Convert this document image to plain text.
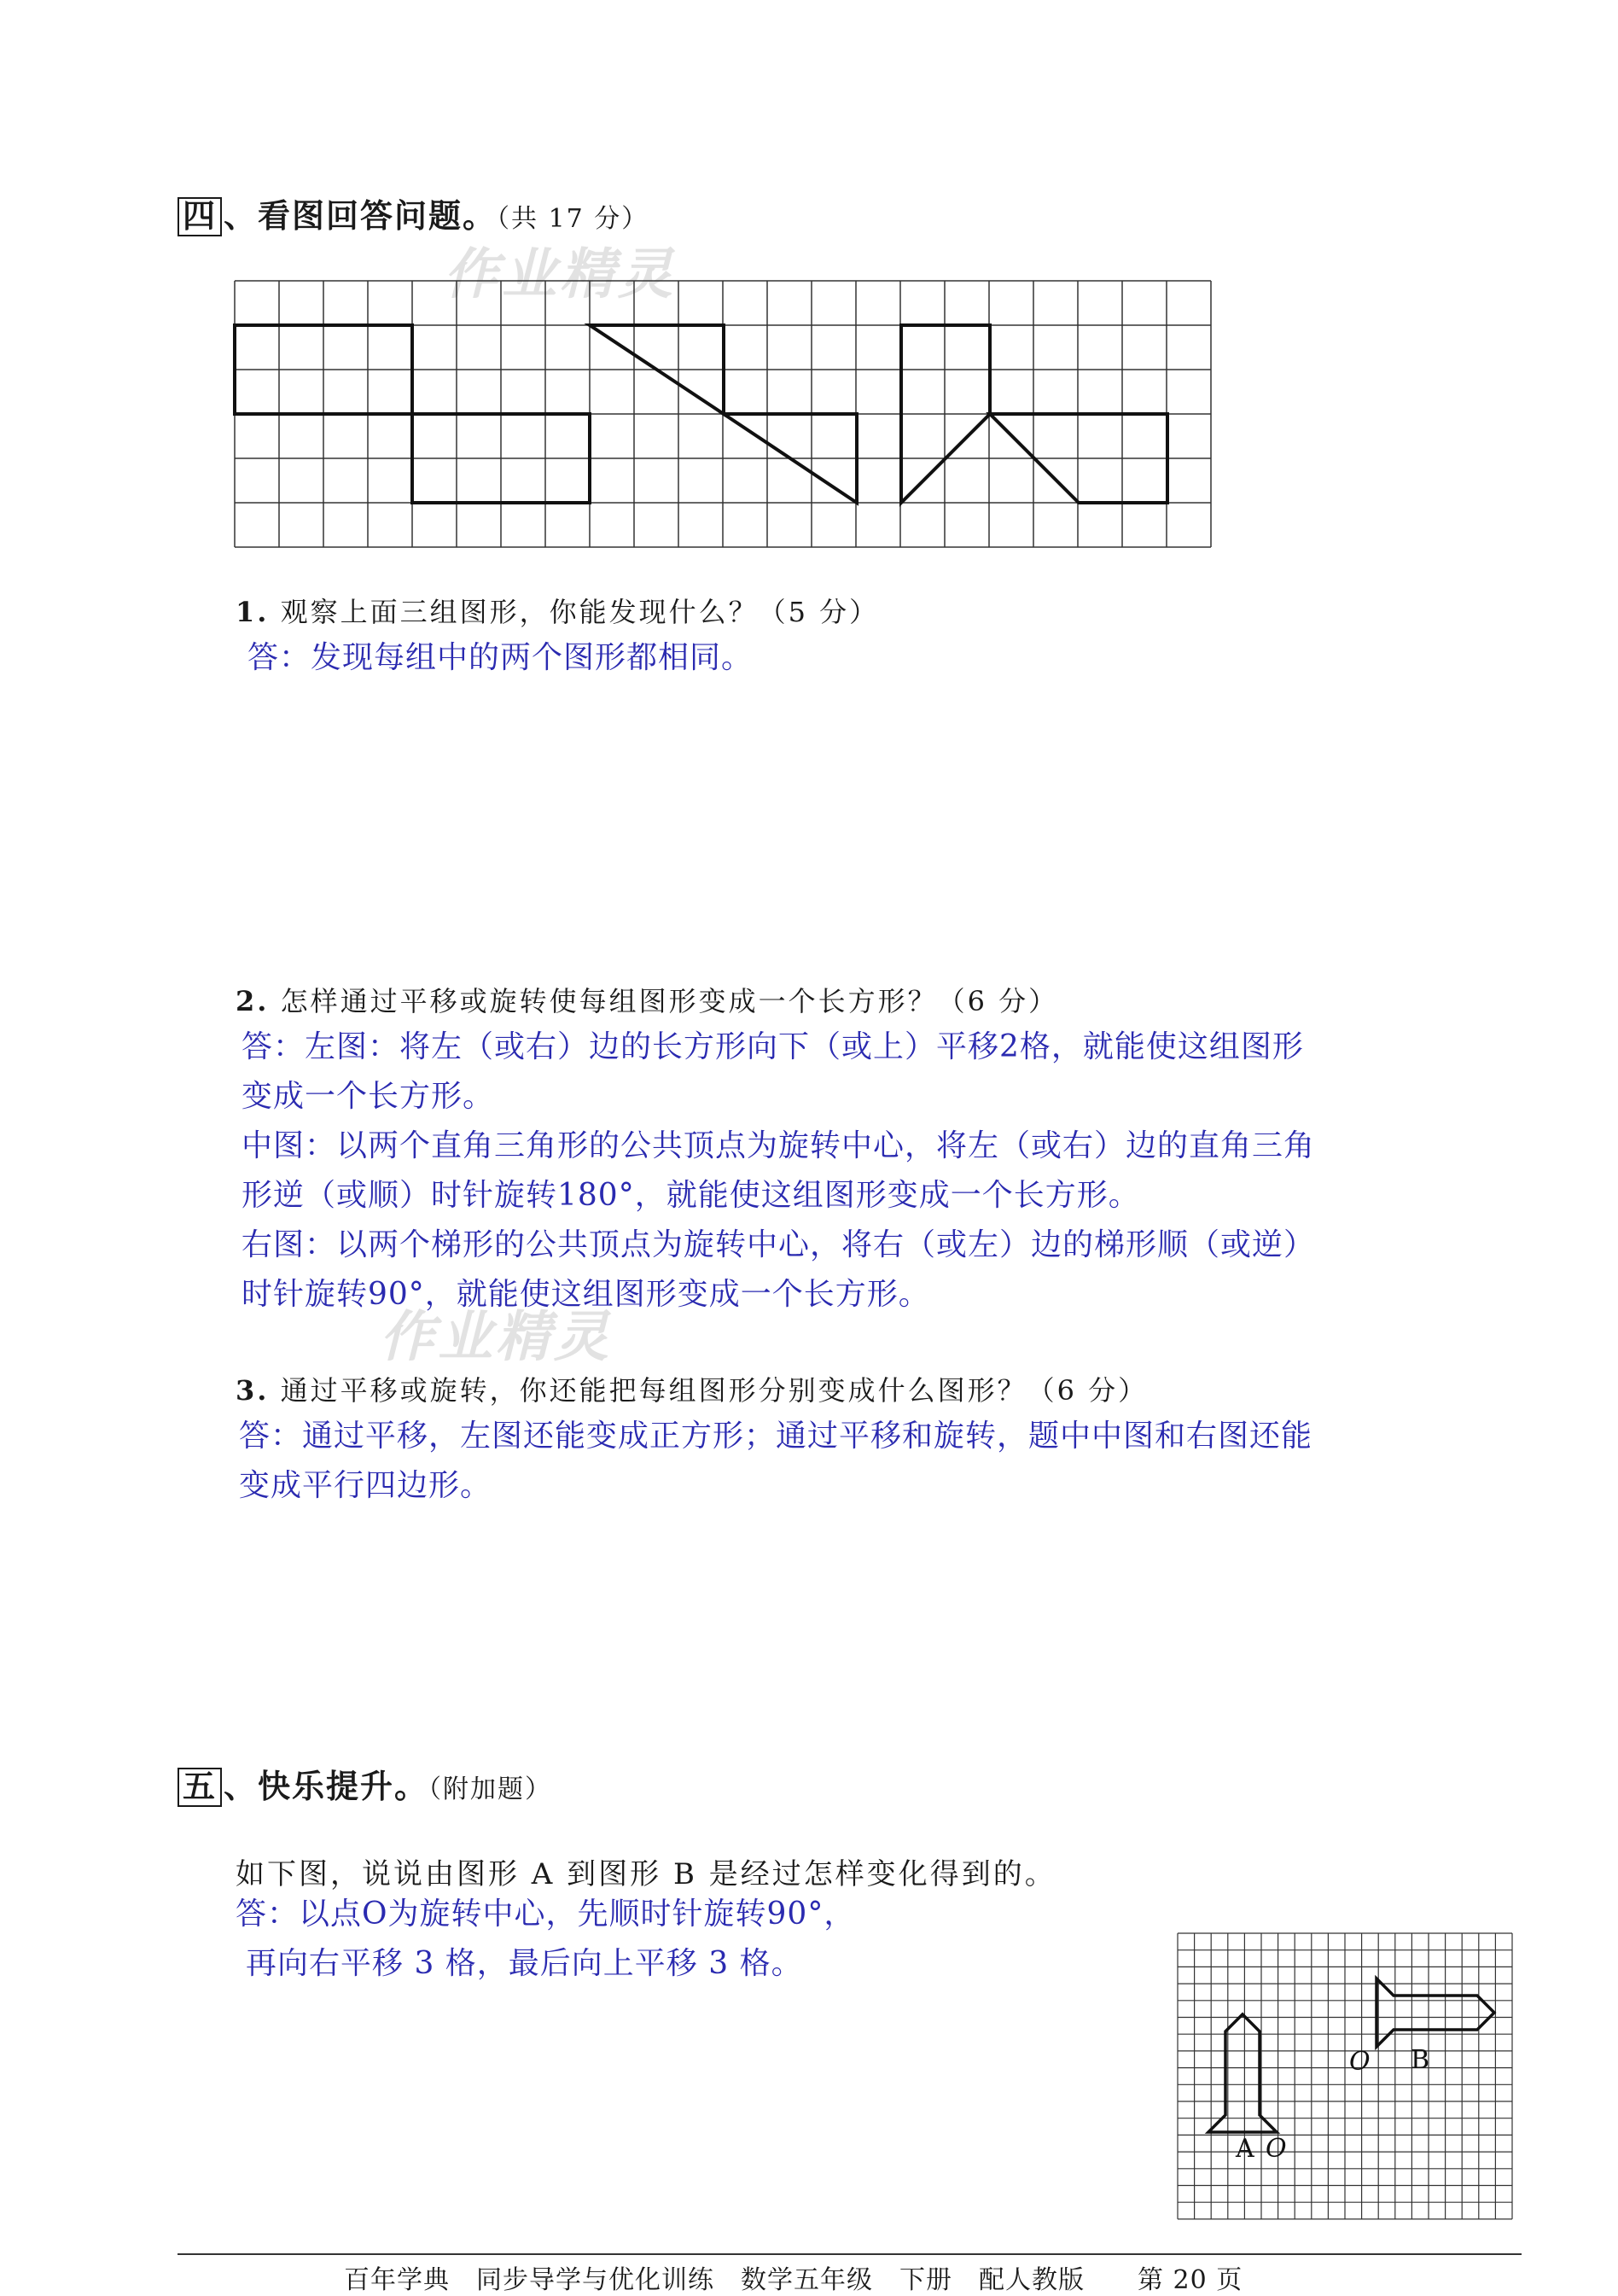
作业精灵
作业精灵
四 、看图回答问题。（共 17 分）
1. 观察上面三组图形，你能发现什么？（5 分）
答：发现每组中的两个图形都相同。
2. 怎样通过平移或旋转使每组图形变成一个长方形？（6 分）
答：左图：将左（或右）边的长方形向下（或上）平移2格，就能使这组图形
变成一个长方形。
中图：以两个直角三角形的公共顶点为旋转中心，将左（或右）边的直角三角
形逆（或顺）时针旋转180°，就能使这组图形变成一个长方形。
右图：以两个梯形的公共顶点为旋转中心，将右（或左）边的梯形顺（或逆）
时针旋转90°，就能使这组图形变成一个长方形。
3. 通过平移或旋转，你还能把每组图形分别变成什么图形？（6 分）
答：通过平移，左图还能变成正方形；通过平移和旋转，题中中图和右图还能
变成平行四边形。
五 、快乐提升。（附加题）
如下图，说说由图形 A 到图形 B 是经过怎样变化得到的。
答：以点O为旋转中心，先顺时针旋转90°，
再向右平移 3 格，最后向上平移 3 格。
A O
O B
百年学典　同步导学与优化训练　数学五年级　下册　配人教版　　第 20 页
